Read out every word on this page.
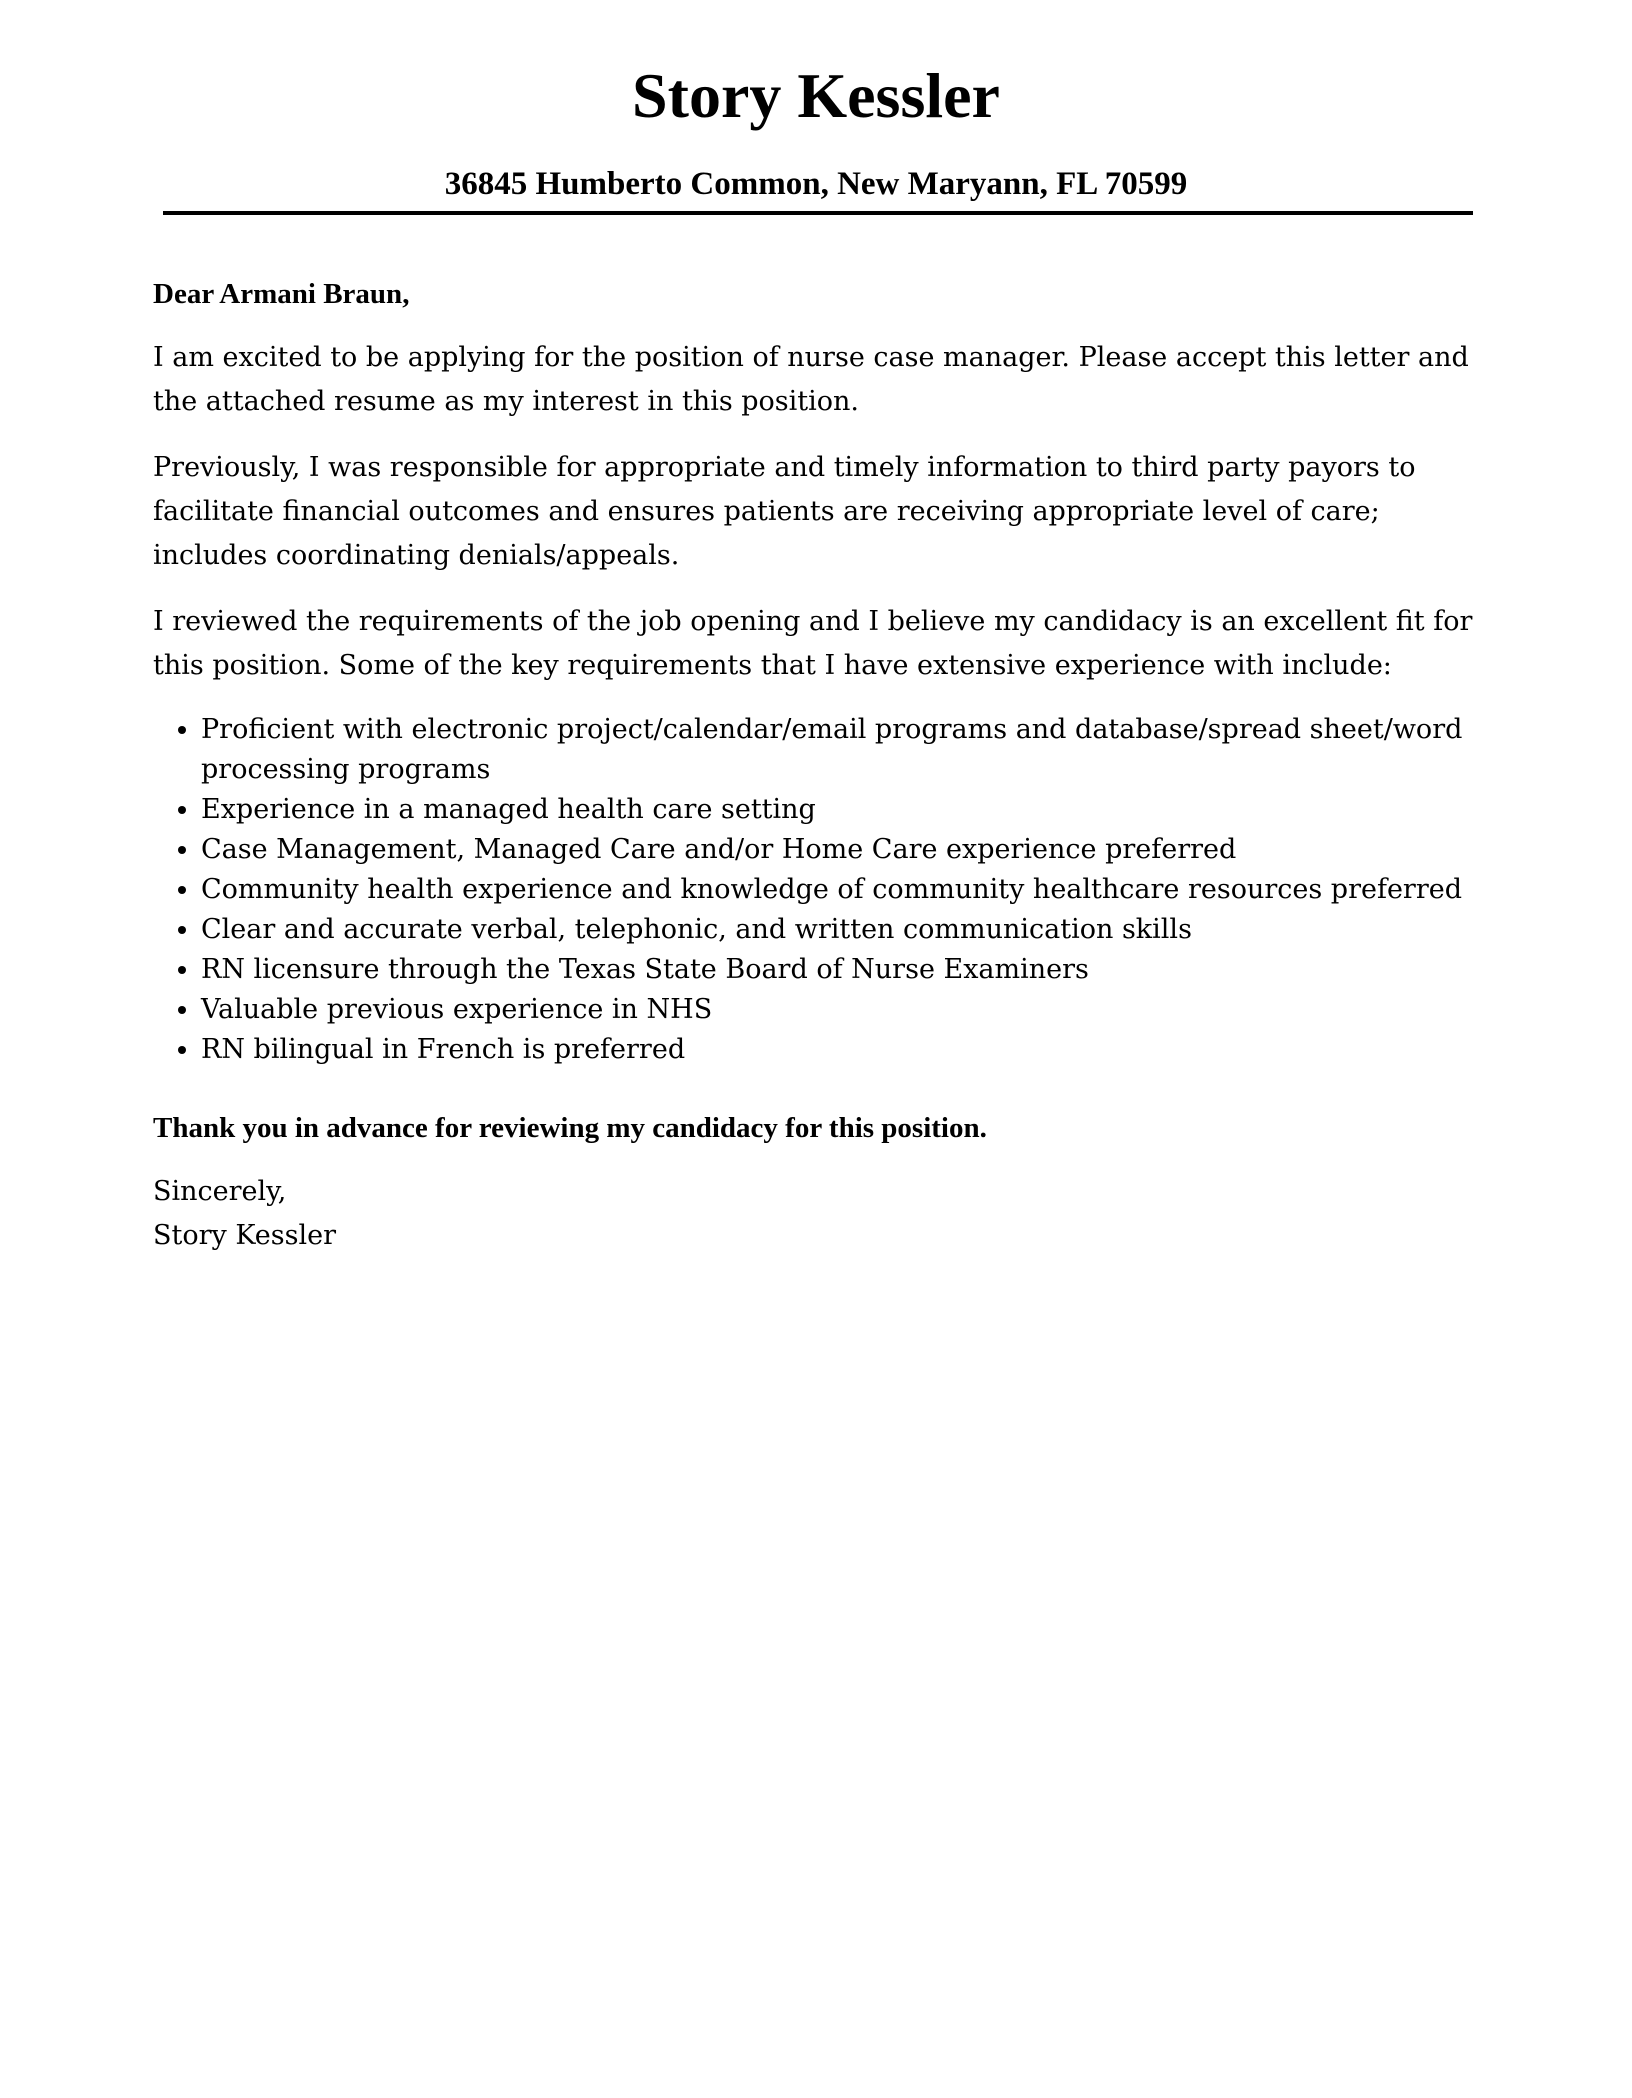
Story Kessler

36845 Humberto Common, New Maryann, FL 70599

Dear Armani Braun,

I am excited to be applying for the position of nurse case manager. Please accept this letter and the attached resume as my interest in this position.

Previously, I was responsible for appropriate and timely information to third party payors to facilitate financial outcomes and ensures patients are receiving appropriate level of care; includes coordinating denials/appeals.

I reviewed the requirements of the job opening and I believe my candidacy is an excellent fit for this position. Some of the key requirements that I have extensive experience with include:

• Proficient with electronic project/calendar/email programs and database/spread sheet/word processing programs
• Experience in a managed health care setting
• Case Management, Managed Care and/or Home Care experience preferred
• Community health experience and knowledge of community healthcare resources preferred
• Clear and accurate verbal, telephonic, and written communication skills
• RN licensure through the Texas State Board of Nurse Examiners
• Valuable previous experience in NHS
• RN bilingual in French is preferred

Thank you in advance for reviewing my candidacy for this position.

Sincerely,

Story Kessler
